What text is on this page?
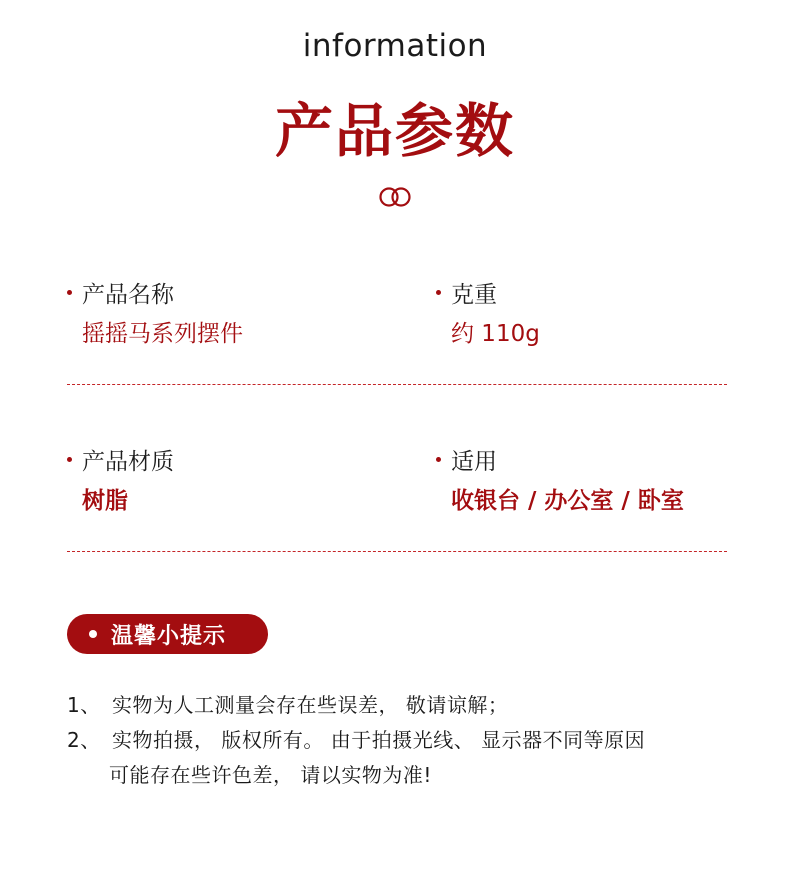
information
产品参数
产品名称
摇摇马系列摆件
克重
约 110g
产品材质
树脂
适用
收银台 / 办公室 / 卧室
温馨小提示
1、 实物为人工测量会存在些误差， 敬请谅解；
2、 实物拍摄， 版权所有。 由于拍摄光线、 显示器不同等原因
可能存在些许色差， 请以实物为准!
